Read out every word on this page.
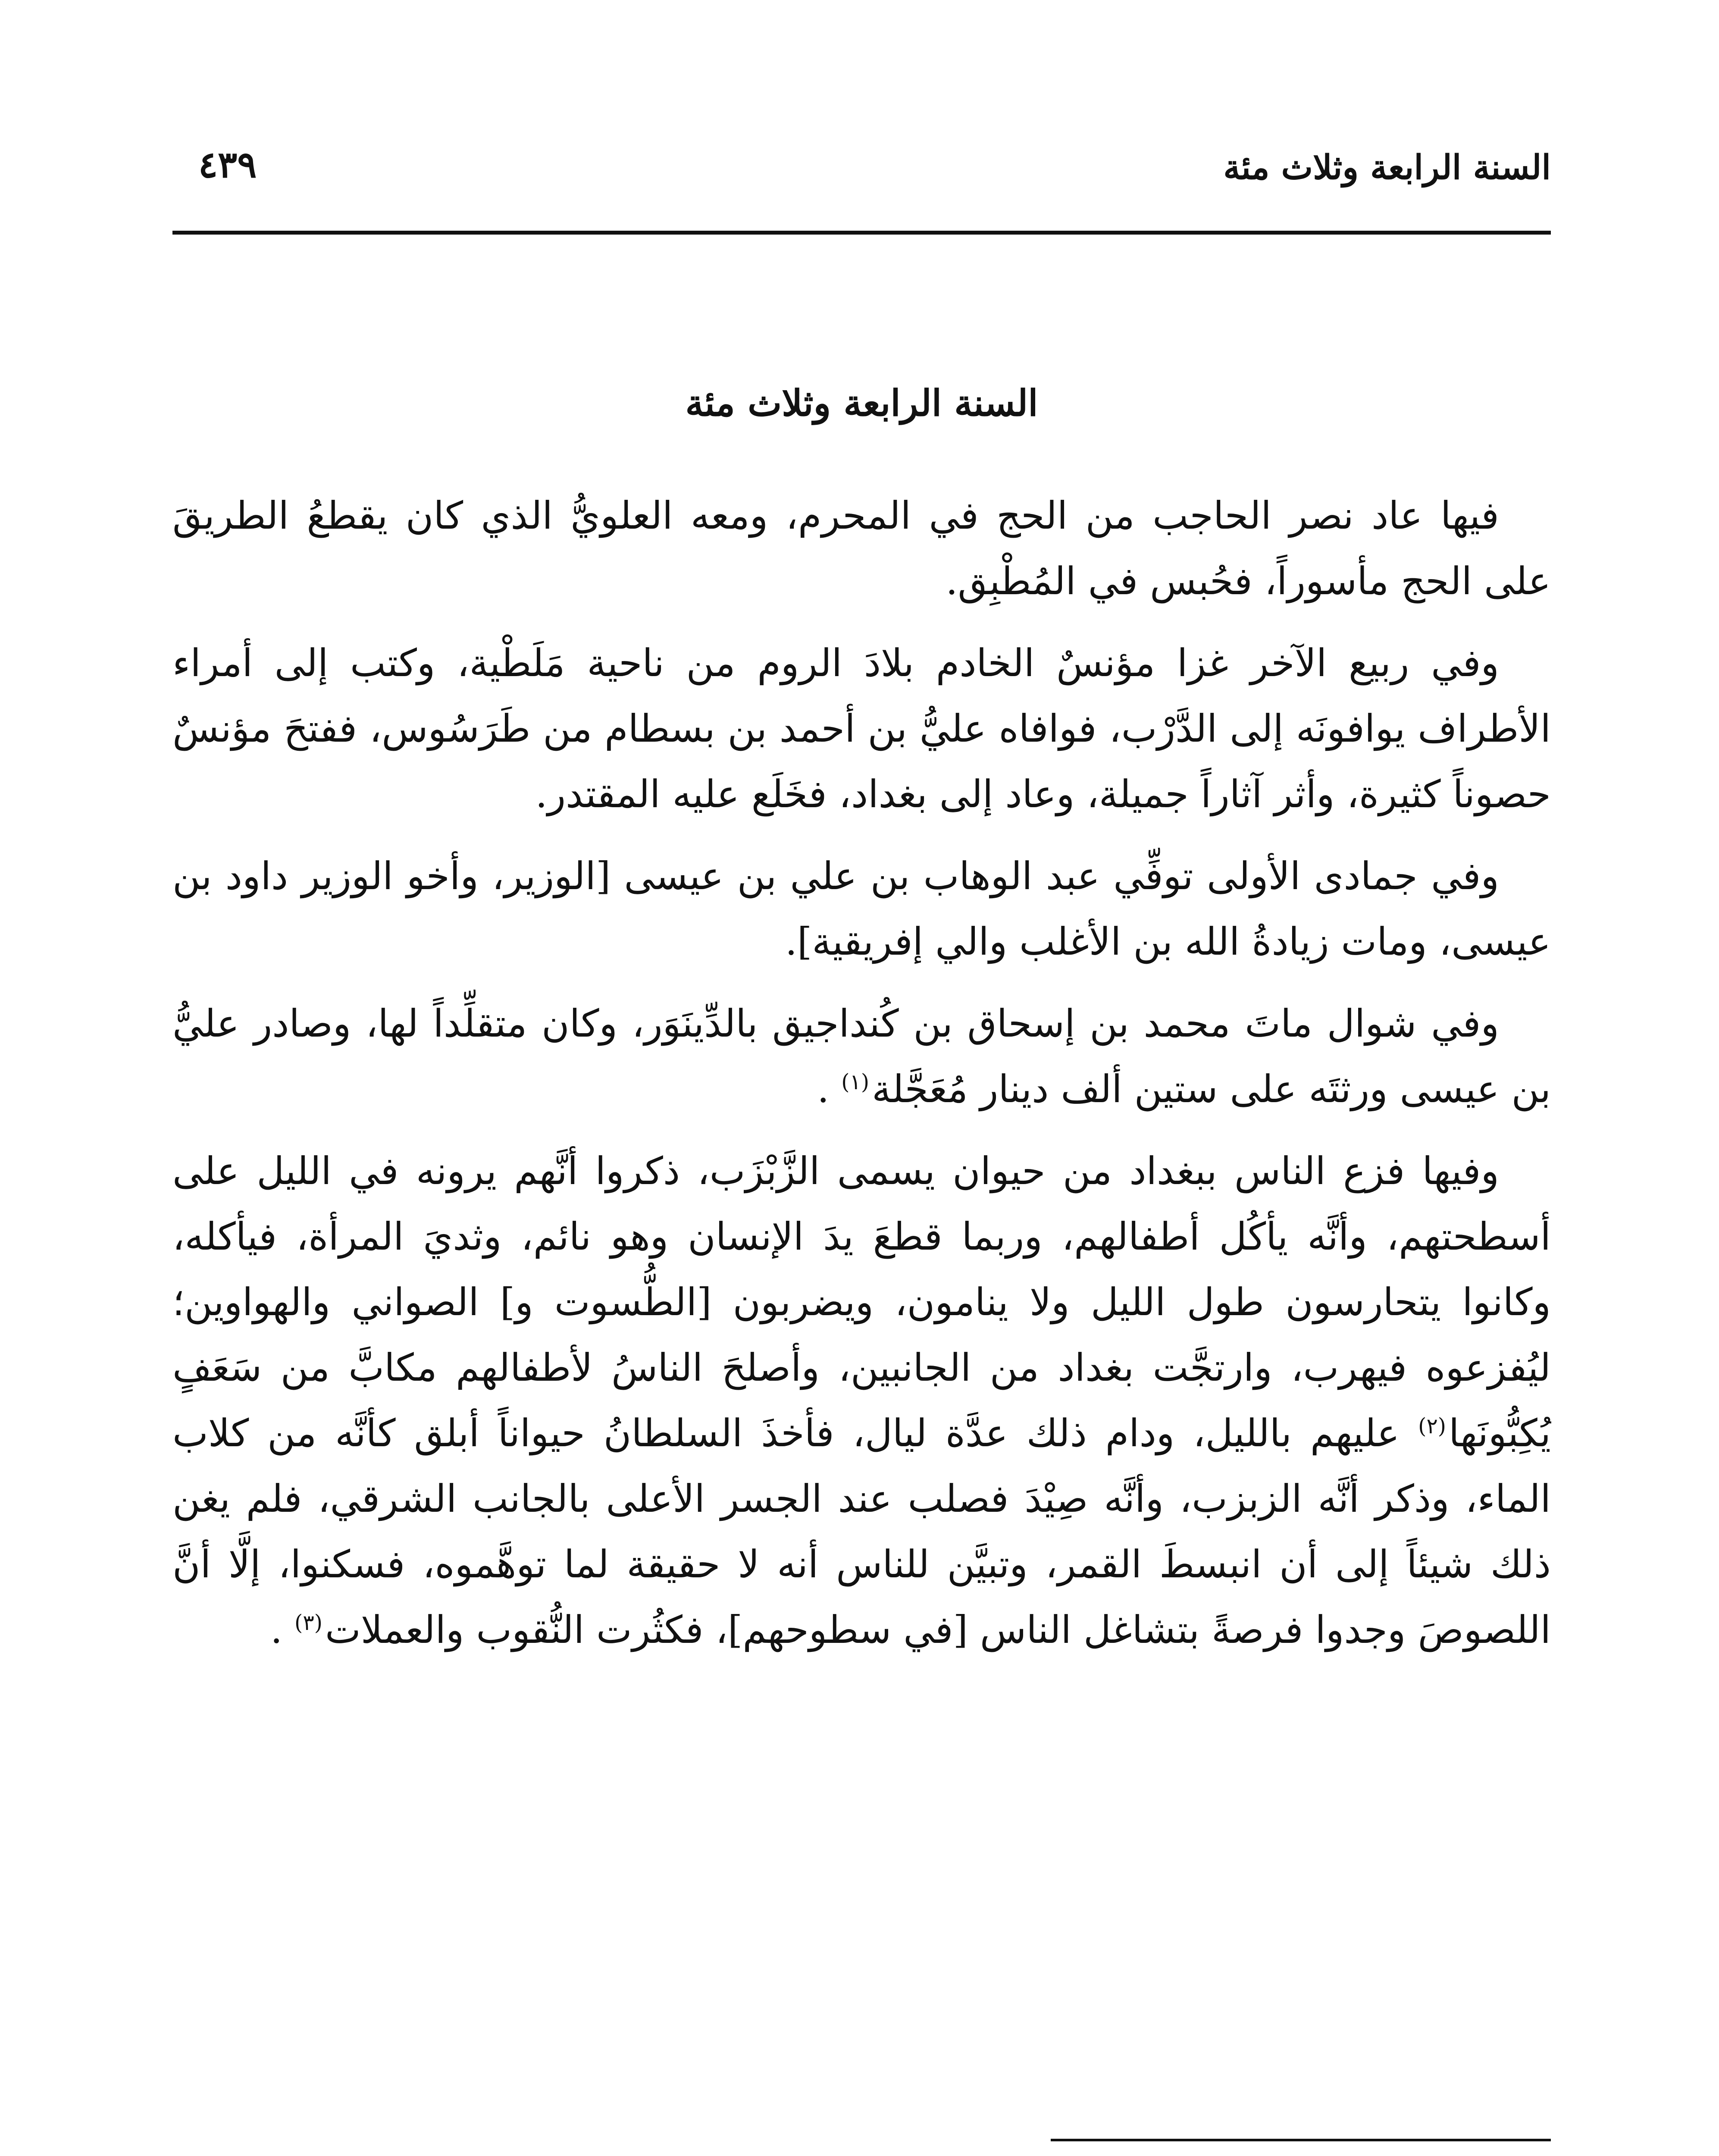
السنة الرابعة وثلاث مئة
٤٣٩
السنة الرابعة وثلاث مئة

فيها عاد نصر الحاجب من الحج في المحرم، ومعه العلويُّ الذي كان يقطعُ الطريقَ على الحج مأسوراً، فحُبس في المُطْبِق.

وفي ربيع الآخر غزا مؤنسٌ الخادم بلادَ الروم من ناحية مَلَطْية، وكتب إلى أمراء الأطراف يوافونَه إلى الدَّرْب، فوافاه عليُّ بن أحمد بن بسطام من طَرَسُوس، ففتحَ مؤنسٌ حصوناً كثيرة، وأثر آثاراً جميلة، وعاد إلى بغداد، فخَلَع عليه المقتدر.

وفي جمادى الأولى توفِّي عبد الوهاب بن علي بن عيسى [الوزير، وأخو الوزير داود بن عيسى، ومات زيادةُ الله بن الأغلب والي إفريقية].

وفي شوال ماتَ محمد بن إسحاق بن كُنداجيق بالدِّينَوَر، وكان متقلِّداً لها، وصادر عليُّ بن عيسى ورثتَه على ستين ألف دينار مُعَجَّلة$^{(١)}$ .

وفيها فزع الناس ببغداد من حيوان يسمى الزَّبْزَب، ذكروا أنَّهم يرونه في الليل على أسطحتهم، وأنَّه يأكُل أطفالهم، وربما قطعَ يدَ الإنسان وهو نائم، وثديَ المرأة، فيأكله، وكانوا يتحارسون طول الليل ولا ينامون، ويضربون [الطُّسوت و] الصواني والهواوين؛ ليُفزعوه فيهرب، وارتجَّت بغداد من الجانبين، وأصلحَ الناسُ لأطفالهم مكابَّ من سَعَفٍ يُكِبُّونَها$^{(٢)}$ عليهم بالليل، ودام ذلك عدَّة ليال، فأخذَ السلطانُ حيواناً أبلق كأنَّه من كلاب الماء، وذكر أنَّه الزبزب، وأنَّه صِيْدَ فصلب عند الجسر الأعلى بالجانب الشرقي، فلم يغن ذلك شيئاً إلى أن انبسطَ القمر، وتبيَّن للناس أنه لا حقيقة لما توهَّموه، فسكنوا، إلَّا أنَّ اللصوصَ وجدوا فرصةً بتشاغل الناس [في سطوحهم]، فكثُرت النُّقوب والعملات$^{(٣)}$ .
